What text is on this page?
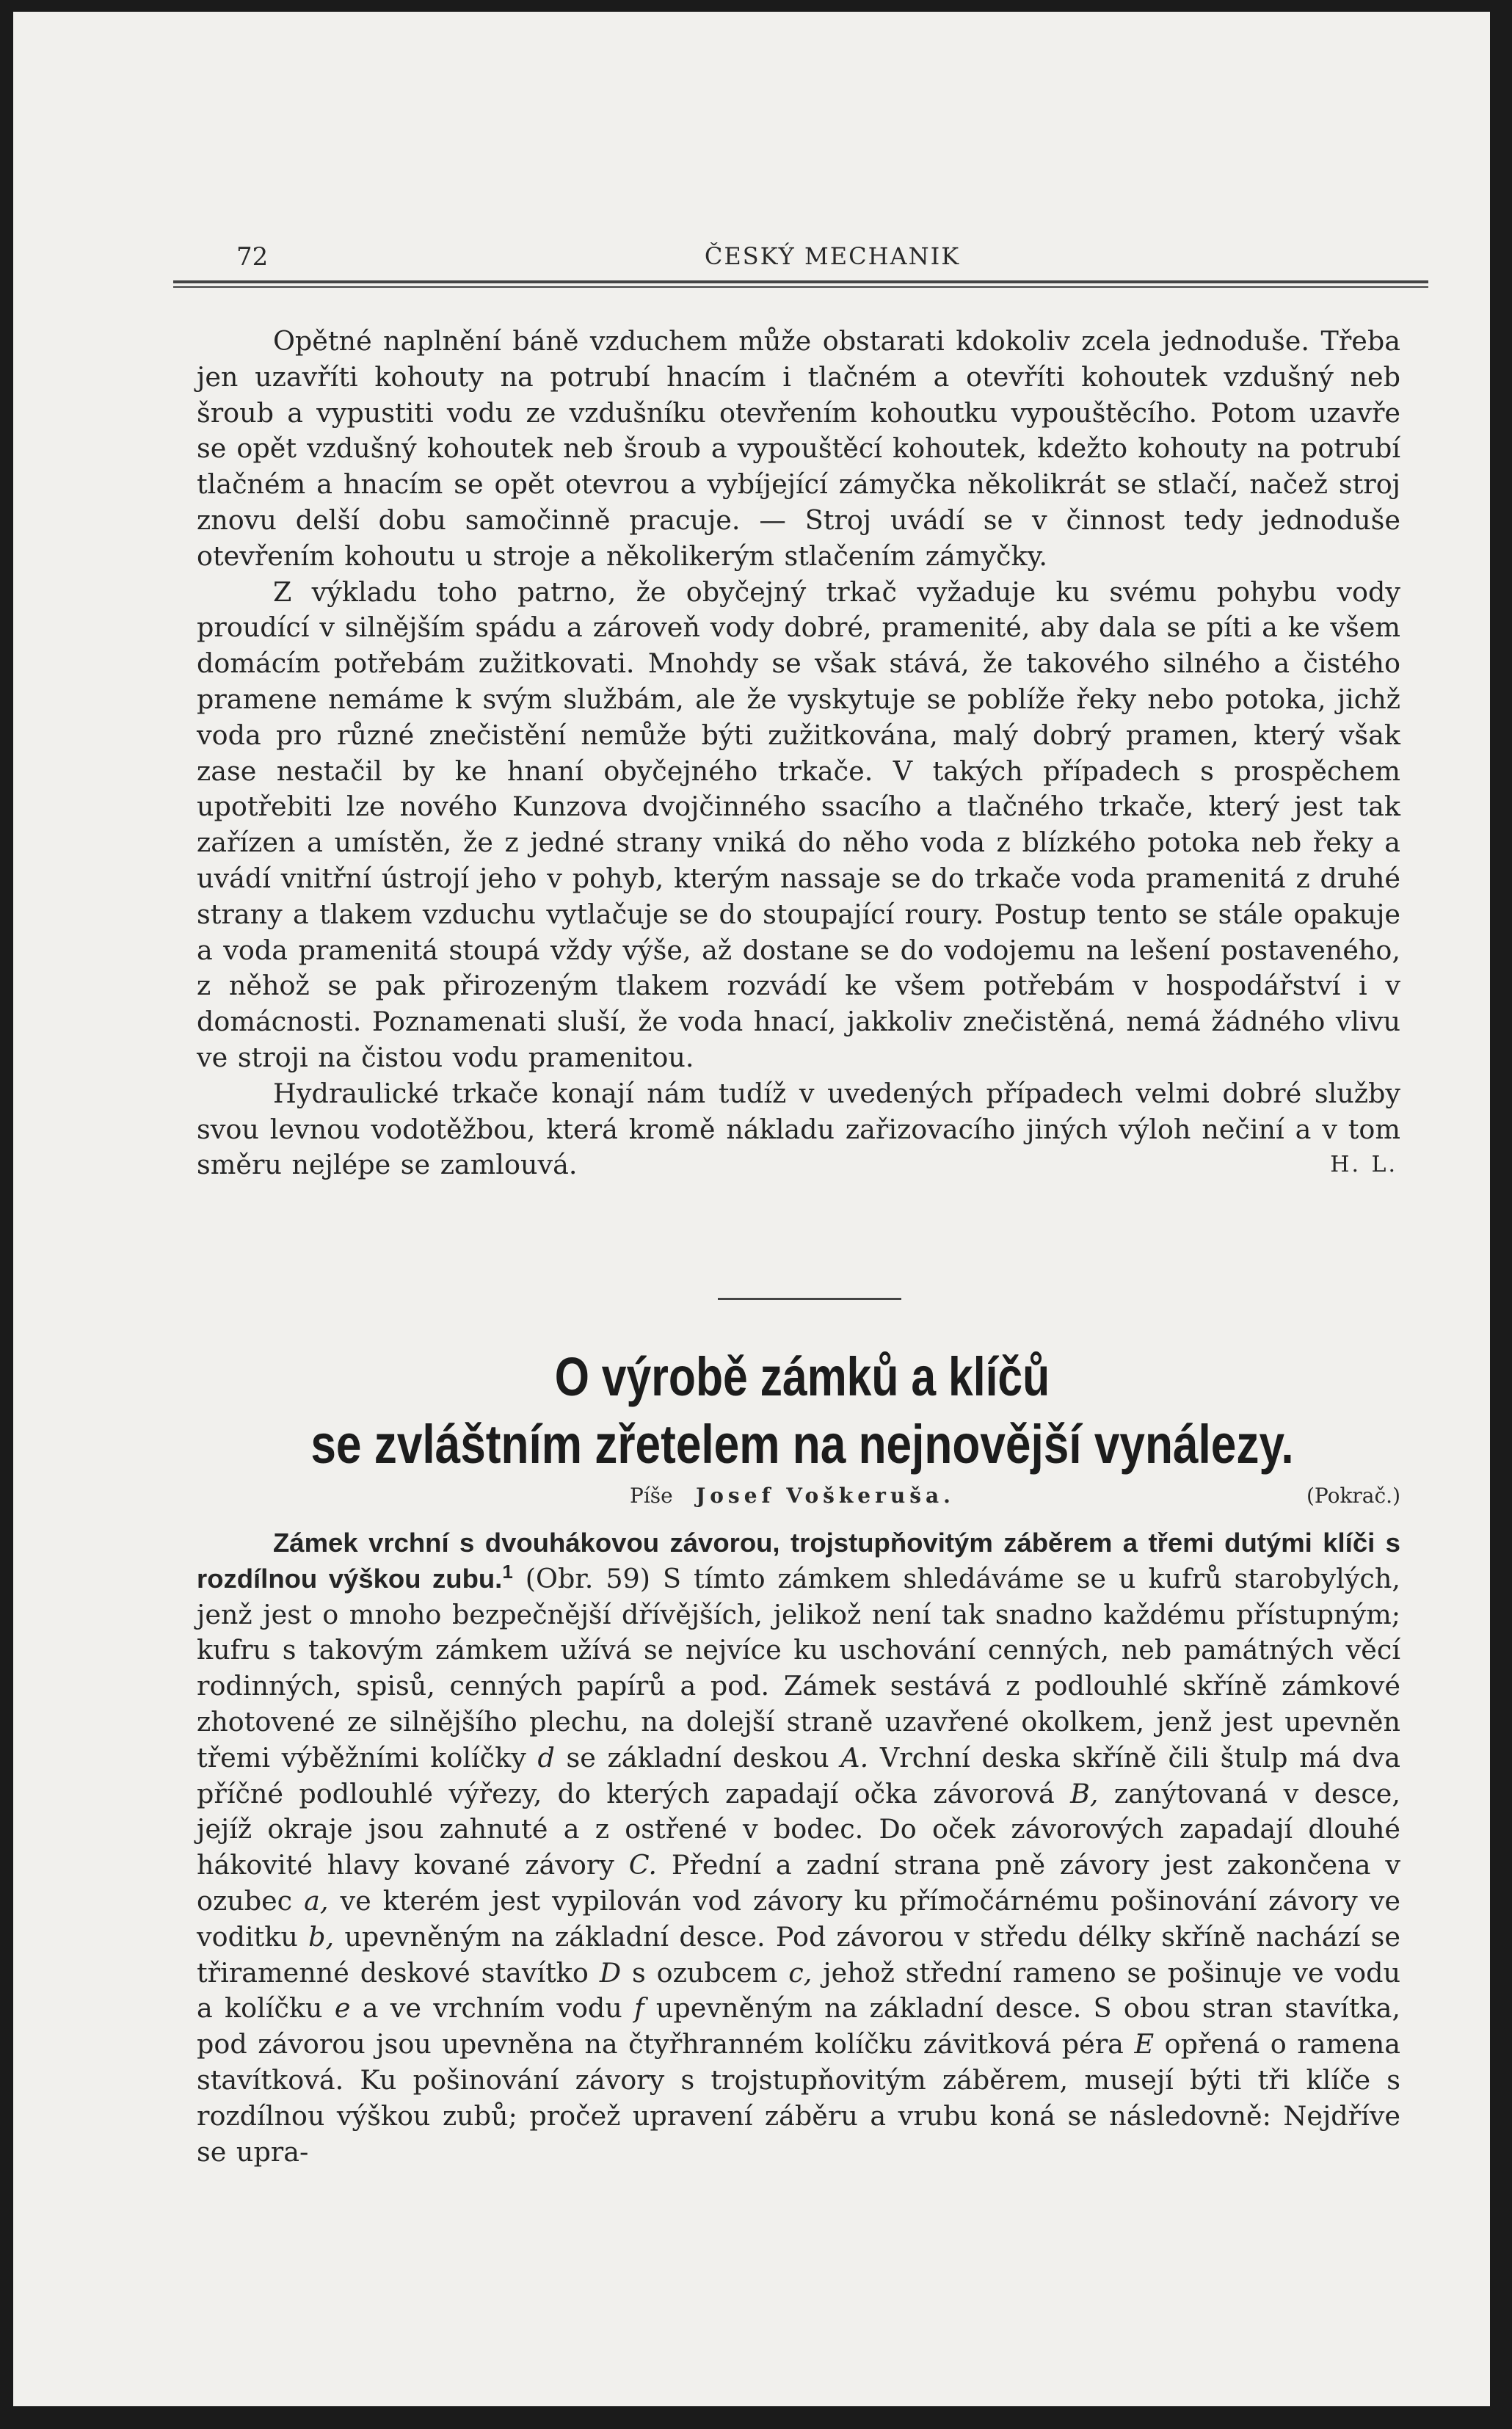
72	ČESKÝ MECHANIK

Opětné naplnění báně vzduchem může obstarati kdokoliv zcela jednoduše. Třeba jen uzavříti kohouty na potrubí hnacím i tlačném a otevříti kohoutek vzdušný neb šroub a vypustiti vodu ze vzdušníku otevřením kohoutku vypouštěcího. Potom uzavře se opět vzdušný kohoutek neb šroub a vypouštěcí kohoutek, kdežto kohouty na potrubí tlačném a hnacím se opět otevrou a vybíjející zámyčka několikrát se stlačí, načež stroj znovu delší dobu samočinně pracuje. — Stroj uvádí se v činnost tedy jednoduše otevřením kohoutu u stroje a několikerým stlačením zámyčky.

Z výkladu toho patrno, že obyčejný trkač vyžaduje ku svému pohybu vody proudící v silnějším spádu a zároveň vody dobré, pramenité, aby dala se píti a ke všem domácím potřebám zužitkovati. Mnohdy se však stává, že takového silného a čistého pramene nemáme k svým službám, ale že vyskytuje se poblíže řeky nebo potoka, jichž voda pro různé znečistění nemůže býti zužitkována, malý dobrý pramen, který však zase nestačil by ke hnaní obyčejného trkače. V takých případech s prospěchem upotřebiti lze nového Kunzova dvojčinného ssacího a tlačného trkače, který jest tak zařízen a umístěn, že z jedné strany vniká do něho voda z blízkého potoka neb řeky a uvádí vnitřní ústrojí jeho v pohyb, kterým nassaje se do trkače voda pramenitá z druhé strany a tlakem vzduchu vytlačuje se do stoupající roury. Postup tento se stále opakuje a voda pramenitá stoupá vždy výše, až dostane se do vodojemu na lešení postaveného, z něhož se pak přirozeným tlakem rozvádí ke všem potřebám v hospodářství i v domácnosti. Poznamenati sluší, že voda hnací, jakkoliv znečistěná, nemá žádného vlivu ve stroji na čistou vodu pramenitou.

Hydraulické trkače konají nám tudíž v uvedených případech velmi dobré služby svou levnou vodotěžbou, která kromě nákladu zařizovacího jiných výloh nečiní a v tom směru nejlépe se zamlouvá.	H. L.

O výrobě zámků a klíčů
se zvláštním zřetelem na nejnovější vynálezy.
Píše Josef Voškeruša.	(Pokrač.)

Zámek vrchní s dvouhákovou závorou, trojstupňovitým záběrem a třemi dutými klíči s rozdílnou výškou zubu.$^1$ (Obr. 59) S tímto zámkem shledáváme se u kufrů starobylých, jenž jest o mnoho bezpečnější dřívějších, jelikož není tak snadno každému přístupným; kufru s takovým zámkem užívá se nejvíce ku uschování cenných, neb památných věcí rodinných, spisů, cenných papírů a pod. Zámek sestává z podlouhlé skříně zámkové zhotovené ze silnějšího plechu, na dolejší straně uzavřené okolkem, jenž jest upevněn třemi výběžními kolíčky d se základní deskou A. Vrchní deska skříně čili štulp má dva příčné podlouhlé výřezy, do kterých zapadají očka závorová B, zanýtovaná v desce, jejíž okraje jsou zahnuté a z ostřené v bodec. Do oček závorových zapadají dlouhé hákovité hlavy kované závory C. Přední a zadní strana pně závory jest zakončena v ozubec a, ve kterém jest vypilován vod závory ku přímočárnému pošinování závory ve voditku b, upevněným na základní desce. Pod závorou v středu délky skříně nachází se třiramenné deskové stavítko D s ozubcem c, jehož střední rameno se pošinuje ve vodu a kolíčku e a ve vrchním vodu f upevněným na základní desce. S obou stran stavítka, pod závorou jsou upevněna na čtyřhranném kolíčku závitková péra E opřená o ramena stavítková. Ku pošinování závory s trojstupňovitým záběrem, musejí býti tři klíče s rozdílnou výškou zubů; pročež upravení záběru a vrubu koná se následovně: Nejdříve se upra-
